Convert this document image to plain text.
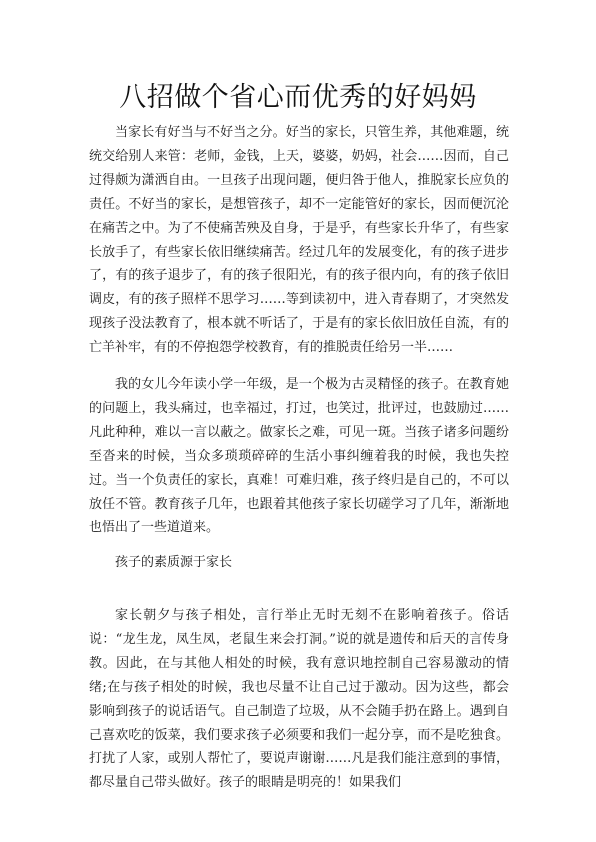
八招做个省心而优秀的好妈妈

当家长有好当与不好当之分。好当的家长，只管生养，其他难题，统统交给别人来管：老师，金钱，上天，婆婆，奶妈，社会……因而，自己过得颇为潇洒自由。一旦孩子出现问题，便归咎于他人，推脱家长应负的责任。不好当的家长，是想管孩子，却不一定能管好的家长，因而便沉沦在痛苦之中。为了不使痛苦殃及自身，于是乎，有些家长升华了，有些家长放手了，有些家长依旧继续痛苦。经过几年的发展变化，有的孩子进步了，有的孩子退步了，有的孩子很阳光，有的孩子很内向，有的孩子依旧调皮，有的孩子照样不思学习……等到读初中，进入青春期了，才突然发现孩子没法教育了，根本就不听话了，于是有的家长依旧放任自流，有的亡羊补牢，有的不停抱怨学校教育，有的推脱责任给另一半……

我的女儿今年读小学一年级，是一个极为古灵精怪的孩子。在教育她的问题上，我头痛过，也幸福过，打过，也笑过，批评过，也鼓励过……凡此种种，难以一言以蔽之。做家长之难，可见一斑。当孩子诸多问题纷至沓来的时候，当众多琐琐碎碎的生活小事纠缠着我的时候，我也失控过。当一个负责任的家长，真难！可难归难，孩子终归是自己的，不可以放任不管。教育孩子几年，也跟着其他孩子家长切磋学习了几年，渐渐地也悟出了一些道道来。

孩子的素质源于家长

家长朝夕与孩子相处，言行举止无时无刻不在影响着孩子。俗话说：“龙生龙，凤生凤，老鼠生来会打洞。”说的就是遗传和后天的言传身教。因此，在与其他人相处的时候，我有意识地控制自己容易激动的情绪;在与孩子相处的时候，我也尽量不让自己过于激动。因为这些，都会影响到孩子的说话语气。自己制造了垃圾，从不会随手扔在路上。遇到自己喜欢吃的饭菜，我们要求孩子必须要和我们一起分享，而不是吃独食。打扰了人家，或别人帮忙了，要说声谢谢……凡是我们能注意到的事情，都尽量自己带头做好。孩子的眼睛是明亮的！如果我们
